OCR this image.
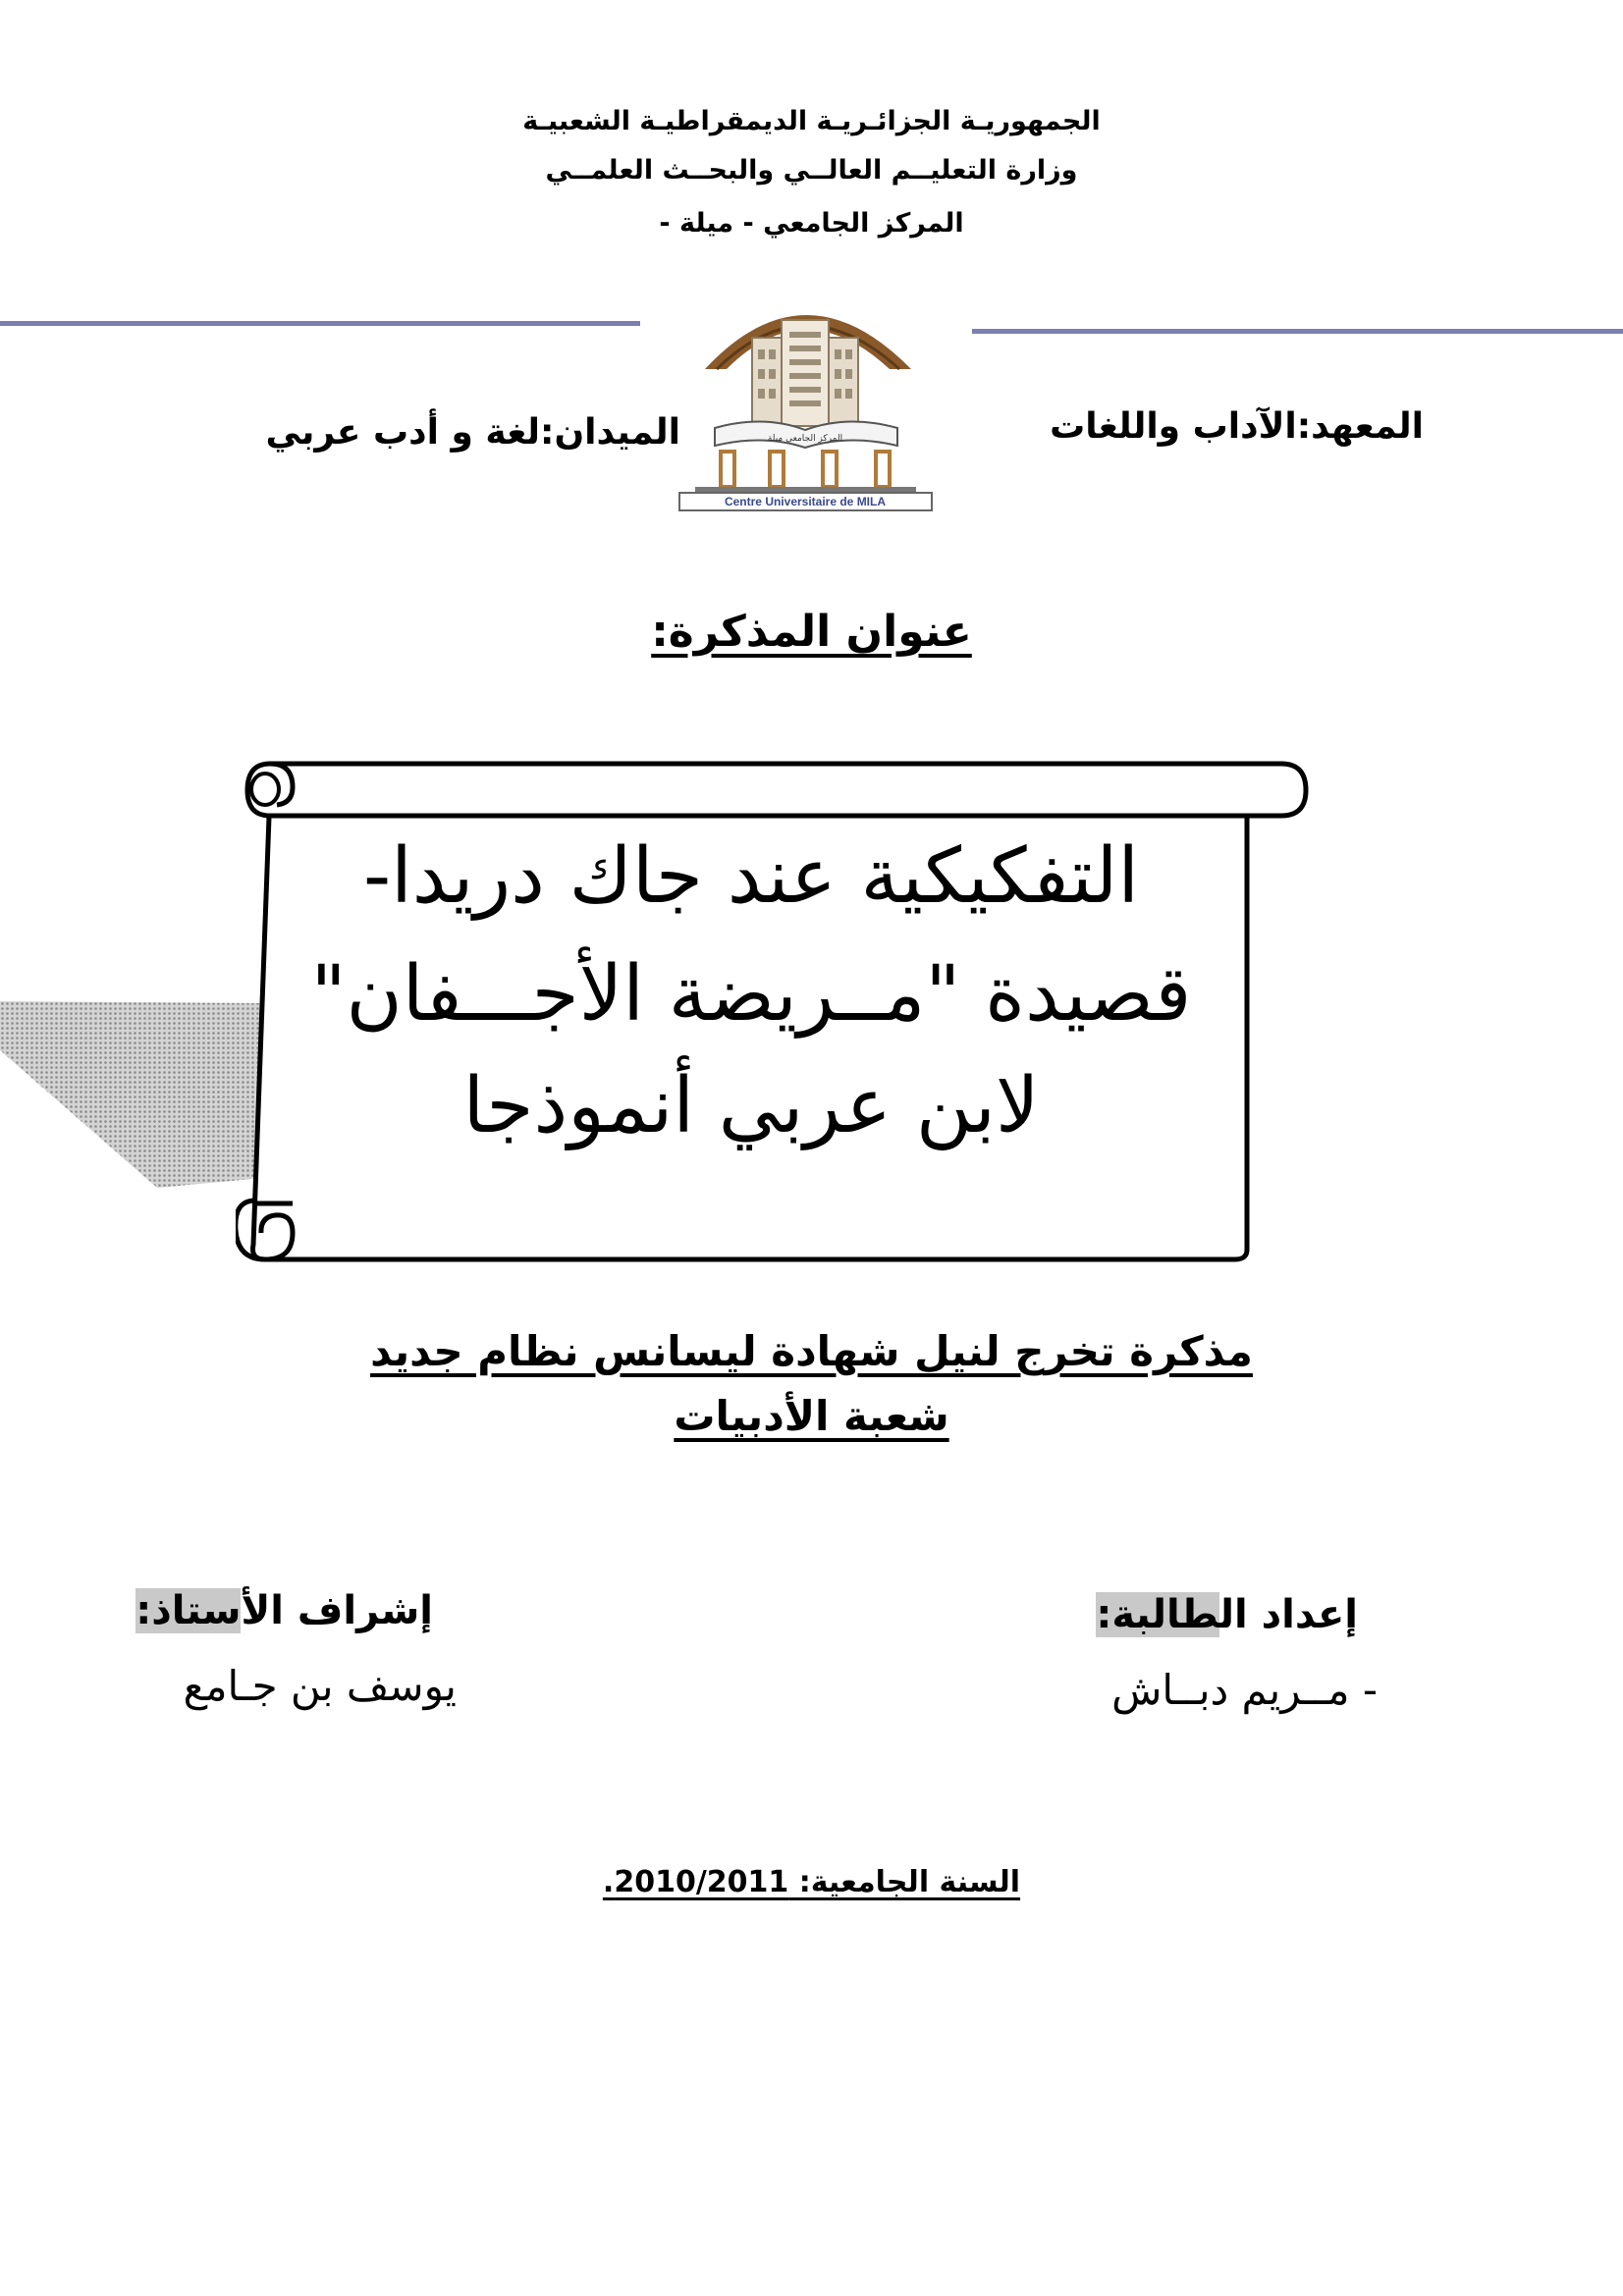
الجمهوريـة الجزائـريـة الديمقراطيـة الشعبيـة
وزارة التعليــم العالــي والبحــث العلمــي
المركز الجامعي - ميلة -
المركز الجامعي ميلة
Centre Universitaire de MILA
المعهد:الآداب واللغات
الميدان:لغة و أدب عربي
عنوان المذكرة:
التفكيكية عند جاك دريدا-
قصيدة "مــريضة الأجـــفان"
لابن عربي أنموذجا
مذكرة تخرج لنيل شهادة ليسانس نظام جديد
شعبة الأدبيات
إعداد الطالبة:
- مــريم دبــاش
إشراف الأستاذ:
يوسف بن جـامع
السنة الجامعية: 2010/2011.
